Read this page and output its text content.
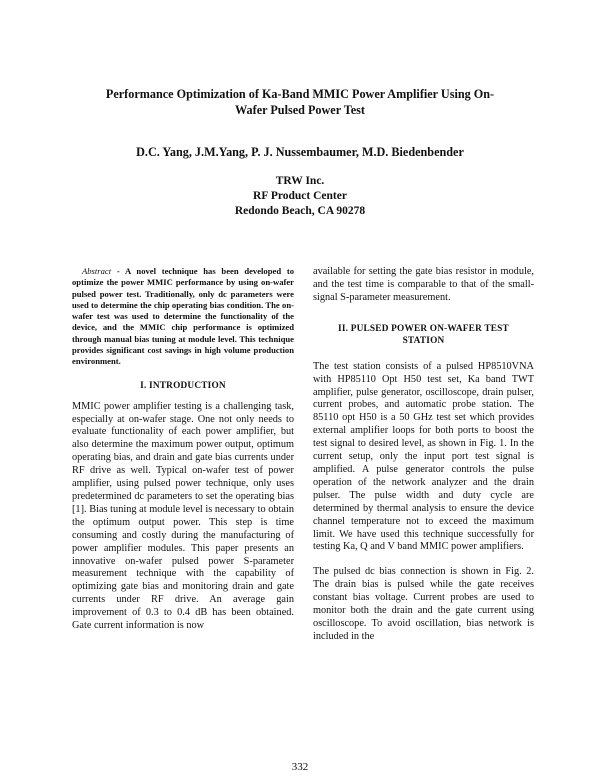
Performance Optimization of Ka-Band MMIC Power Amplifier Using On-Wafer Pulsed Power Test
D.C. Yang, J.M.Yang, P. J. Nussembaumer, M.D. Biedenbender
TRW Inc.
RF Product Center
Redondo Beach, CA 90278

Abstract - A novel technique has been developed to optimize the power MMIC performance by using on-wafer pulsed power test. Traditionally, only dc parameters were used to determine the chip operating bias condition. The on-wafer test was used to determine the functionality of the device, and the MMIC chip performance is optimized through manual bias tuning at module level. This technique provides significant cost savings in high volume production environment.

I. INTRODUCTION

MMIC power amplifier testing is a challenging task, especially at on-wafer stage. One not only needs to evaluate functionality of each power amplifier, but also determine the maximum power output, optimum operating bias, and drain and gate bias currents under RF drive as well. Typical on-wafer test of power amplifier, using pulsed power technique, only uses predetermined dc parameters to set the operating bias [1]. Bias tuning at module level is necessary to obtain the optimum output power. This step is time consuming and costly during the manufacturing of power amplifier modules. This paper presents an innovative on-wafer pulsed power S-parameter measurement technique with the capability of optimizing gate bias and monitoring drain and gate currents under RF drive. An average gain improvement of 0.3 to 0.4 dB has been obtained. Gate current information is now

available for setting the gate bias resistor in module, and the test time is comparable to that of the small-signal S-parameter measurement.

II. PULSED POWER ON-WAFER TEST
STATION

The test station consists of a pulsed HP8510VNA with HP85110 Opt H50 test set, Ka band TWT amplifier, pulse generator, oscilloscope, drain pulser, current probes, and automatic probe station. The 85110 opt H50 is a 50 GHz test set which provides external amplifier loops for both ports to boost the test signal to desired level, as shown in Fig. 1. In the current setup, only the input port test signal is amplified. A pulse generator controls the pulse operation of the network analyzer and the drain pulser. The pulse width and duty cycle are determined by thermal analysis to ensure the device channel temperature not to exceed the maximum limit. We have used this technique successfully for testing Ka, Q and V band MMIC power amplifiers.

The pulsed dc bias connection is shown in Fig. 2. The drain bias is pulsed while the gate receives constant bias voltage. Current probes are used to monitor both the drain and the gate current using oscilloscope. To avoid oscillation, bias network is included in the

332
